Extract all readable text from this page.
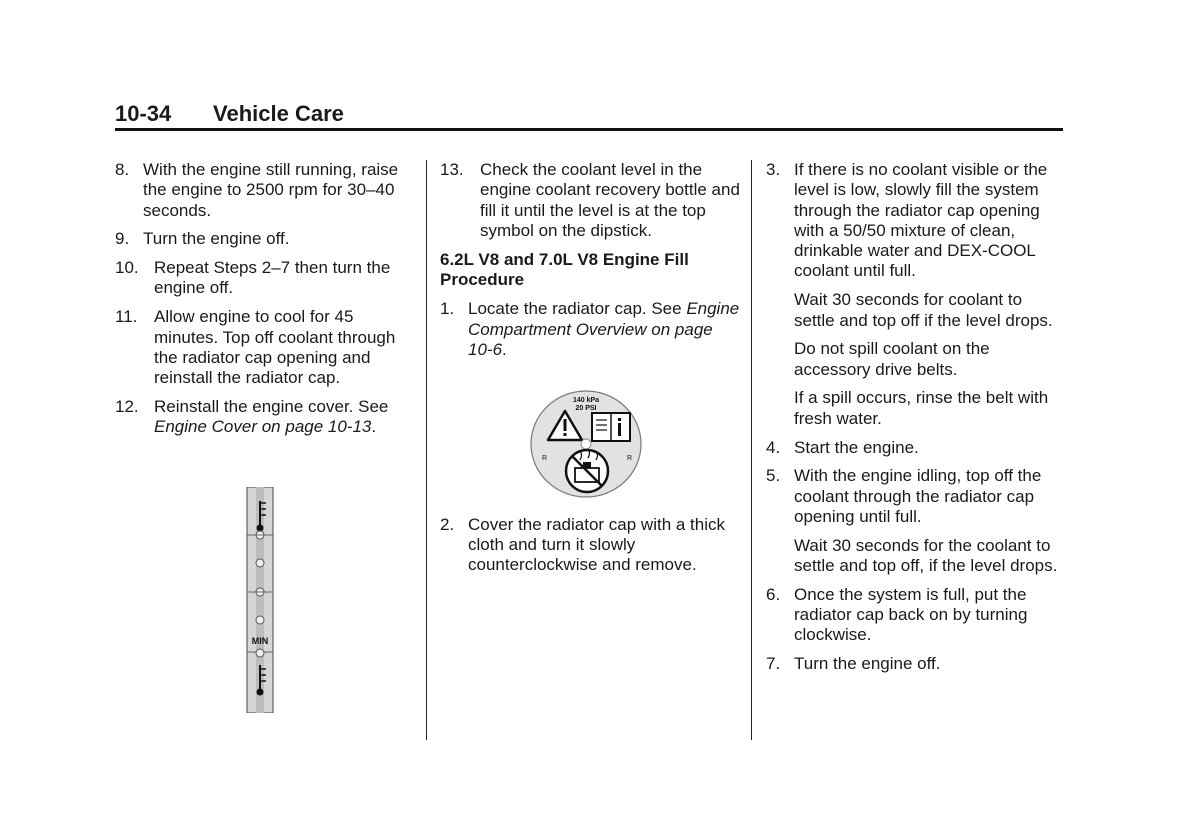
10-34 Vehicle Care
8. With the engine still running, raise the engine to 2500 rpm for 30–40 seconds.
9. Turn the engine off.
10. Repeat Steps 2–7 then turn the engine off.
11. Allow engine to cool for 45 minutes. Top off coolant through the radiator cap opening and reinstall the radiator cap.
12. Reinstall the engine cover. See Engine Cover on page 10‑13.
MIN
13. Check the coolant level in the engine coolant recovery bottle and fill it until the level is at the top symbol on the dipstick.
6.2L V8 and 7.0L V8 Engine Fill Procedure
1. Locate the radiator cap. See Engine Compartment Overview on page 10‑6.
2. Cover the radiator cap with a thick cloth and turn it slowly counterclockwise and remove.
140 kPa
20 PSI
R	R
3. If there is no coolant visible or the level is low, slowly fill the system through the radiator cap opening with a 50/50 mixture of clean, drinkable water and DEX-COOL coolant until full.
Wait 30 seconds for coolant to settle and top off if the level drops.
Do not spill coolant on the accessory drive belts.
If a spill occurs, rinse the belt with fresh water.
4. Start the engine.
5. With the engine idling, top off the coolant through the radiator cap opening until full.
Wait 30 seconds for the coolant to settle and top off, if the level drops.
6. Once the system is full, put the radiator cap back on by turning clockwise.
7. Turn the engine off.
